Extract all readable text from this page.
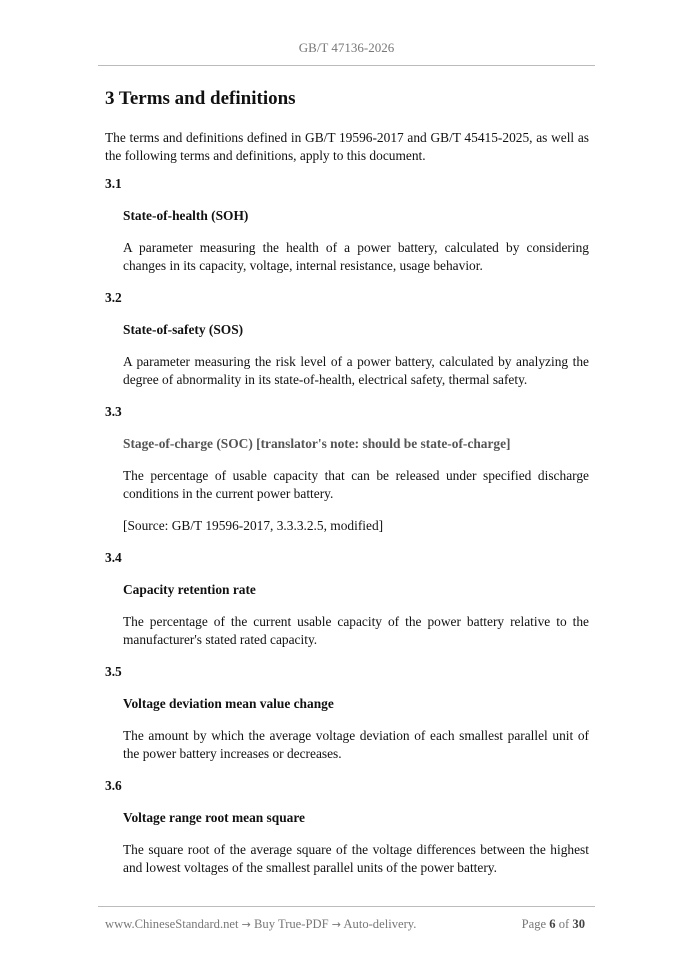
GB/T 47136-2026
3 Terms and definitions

The terms and definitions defined in GB/T 19596-2017 and GB/T 45415-2025, as well as the following terms and definitions, apply to this document.

3.1
State-of-health (SOH)

A parameter measuring the health of a power battery, calculated by considering changes in its capacity, voltage, internal resistance, usage behavior.

3.2
State-of-safety (SOS)

A parameter measuring the risk level of a power battery, calculated by analyzing the degree of abnormality in its state-of-health, electrical safety, thermal safety.

3.3
Stage-of-charge (SOC) [translator's note: should be state-of-charge]

The percentage of usable capacity that can be released under specified discharge conditions in the current power battery.

[Source: GB/T 19596-2017, 3.3.3.2.5, modified]

3.4
Capacity retention rate

The percentage of the current usable capacity of the power battery relative to the manufacturer's stated rated capacity.

3.5
Voltage deviation mean value change

The amount by which the average voltage deviation of each smallest parallel unit of the power battery increases or decreases.

3.6
Voltage range root mean square

The square root of the average square of the voltage differences between the highest and lowest voltages of the smallest parallel units of the power battery.

www.ChineseStandard.net → Buy True-PDF → Auto-delivery.	Page 6 of 30
